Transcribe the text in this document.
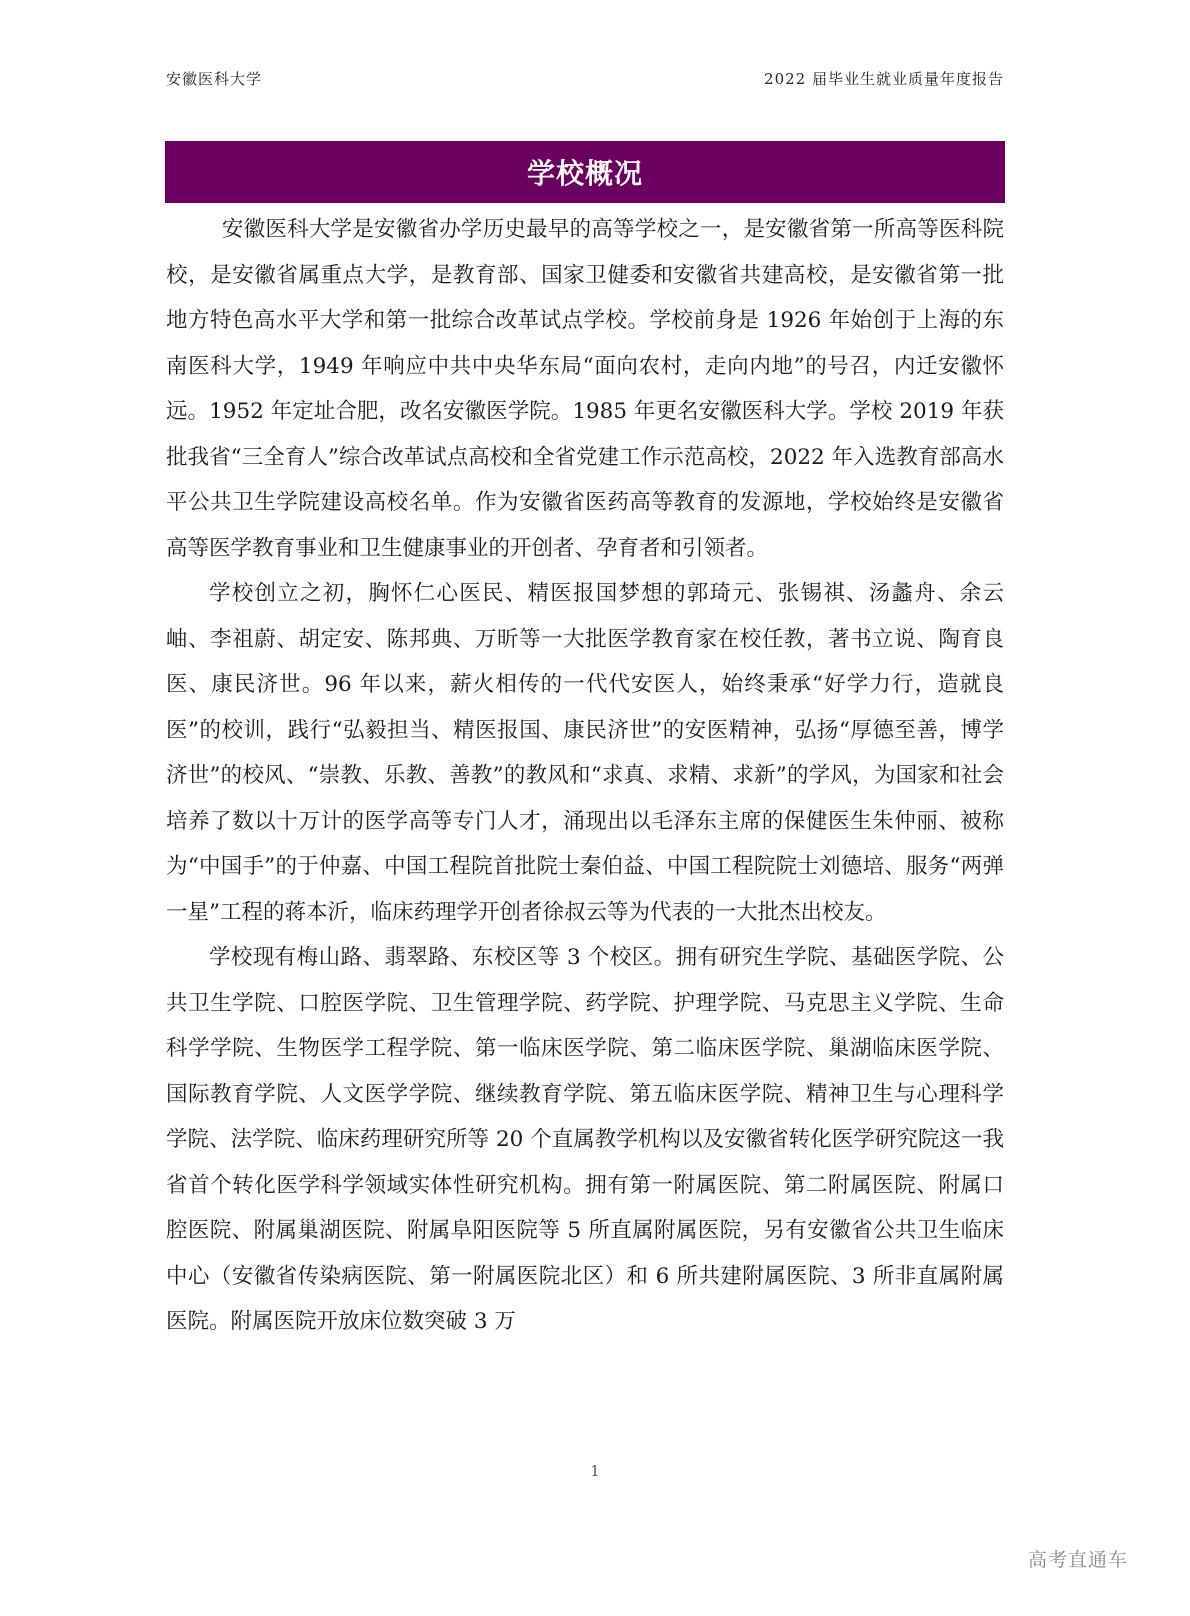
安徽医科大学	2022 届毕业生就业质量年度报告
学校概况

安徽医科大学是安徽省办学历史最早的高等学校之一，是安徽省第一所高等医科院校，是安徽省属重点大学，是教育部、国家卫健委和安徽省共建高校，是安徽省第一批地方特色高水平大学和第一批综合改革试点学校。学校前身是 1926 年始创于上海的东南医科大学，1949 年响应中共中央华东局“面向农村，走向内地”的号召，内迁安徽怀远。1952 年定址合肥，改名安徽医学院。1985 年更名安徽医科大学。学校 2019 年获批我省“三全育人”综合改革试点高校和全省党建工作示范高校，2022 年入选教育部高水平公共卫生学院建设高校名单。作为安徽省医药高等教育的发源地，学校始终是安徽省高等医学教育事业和卫生健康事业的开创者、孕育者和引领者。

学校创立之初，胸怀仁心医民、精医报国梦想的郭琦元、张锡祺、汤蠡舟、余云岫、李祖蔚、胡定安、陈邦典、万昕等一大批医学教育家在校任教，著书立说、陶育良医、康民济世。96 年以来，薪火相传的一代代安医人，始终秉承“好学力行，造就良医”的校训，践行“弘毅担当、精医报国、康民济世”的安医精神，弘扬“厚德至善，博学济世”的校风、“崇教、乐教、善教”的教风和“求真、求精、求新”的学风，为国家和社会培养了数以十万计的医学高等专门人才，涌现出以毛泽东主席的保健医生朱仲丽、被称为“中国手”的于仲嘉、中国工程院首批院士秦伯益、中国工程院院士刘德培、服务“两弹一星”工程的蒋本沂，临床药理学开创者徐叔云等为代表的一大批杰出校友。

学校现有梅山路、翡翠路、东校区等 3 个校区。拥有研究生学院、基础医学院、公共卫生学院、口腔医学院、卫生管理学院、药学院、护理学院、马克思主义学院、生命科学学院、生物医学工程学院、第一临床医学院、第二临床医学院、巢湖临床医学院、国际教育学院、人文医学学院、继续教育学院、第五临床医学院、精神卫生与心理科学学院、法学院、临床药理研究所等 20 个直属教学机构以及安徽省转化医学研究院这一我省首个转化医学科学领域实体性研究机构。拥有第一附属医院、第二附属医院、附属口腔医院、附属巢湖医院、附属阜阳医院等 5 所直属附属医院，另有安徽省公共卫生临床中心（安徽省传染病医院、第一附属医院北区）和 6 所共建附属医院、3 所非直属附属医院。附属医院开放床位数突破 3 万

1
高考直通车
